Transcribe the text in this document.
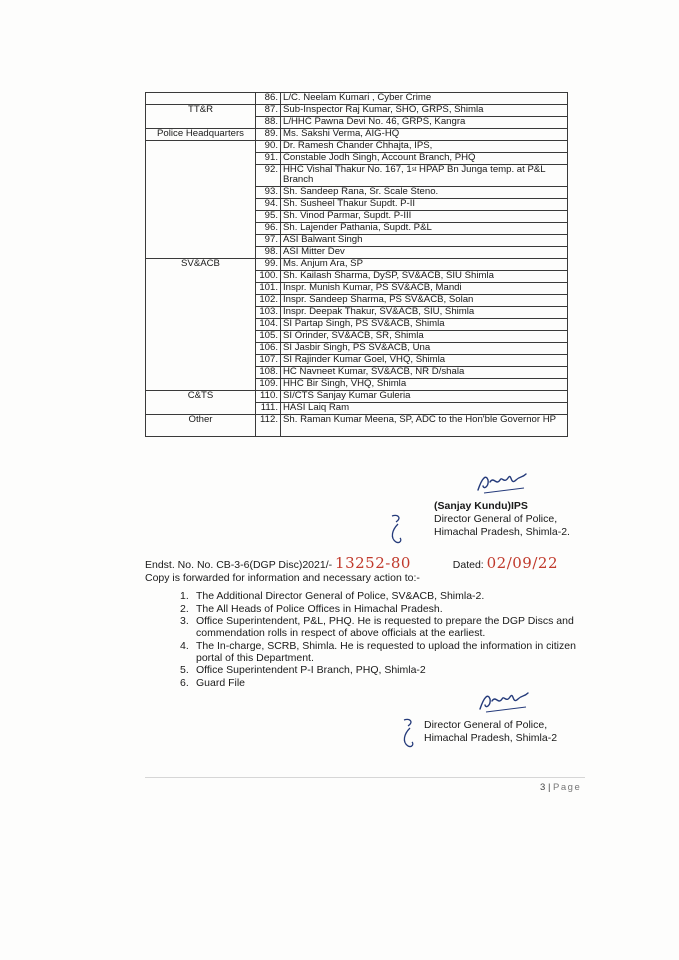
	86.	L/C. Neelam Kumari , Cyber Crime
TT&R	87.	Sub-Inspector Raj Kumar, SHO, GRPS, Shimla
	88.	L/HHC Pawna Devi No. 46, GRPS, Kangra
Police Headquarters	89.	Ms. Sakshi Verma, AIG-HQ
	90.	Dr. Ramesh Chander Chhajta, IPS,
	91.	Constable Jodh Singh, Account Branch, PHQ
	92.	HHC Vishal Thakur No. 167, 1st HPAP Bn Junga temp. at P&L Branch
	93.	Sh. Sandeep Rana, Sr. Scale Steno.
	94.	Sh. Susheel Thakur Supdt. P-II
	95.	Sh. Vinod Parmar, Supdt. P-III
	96.	Sh. Lajender Pathania, Supdt. P&L
	97.	ASI Balwant Singh
	98.	ASI Mitter Dev
SV&ACB	99.	Ms. Anjum Ara, SP
	100.	Sh. Kailash Sharma, DySP, SV&ACB, SIU Shimla
	101.	Inspr. Munish Kumar, PS SV&ACB, Mandi
	102.	Inspr. Sandeep Sharma, PS SV&ACB, Solan
	103.	Inspr. Deepak Thakur, SV&ACB, SIU, Shimla
	104.	SI Partap Singh, PS SV&ACB, Shimla
	105.	SI Orinder, SV&ACB, SR, Shimla
	106.	SI Jasbir Singh, PS SV&ACB, Una
	107.	SI Rajinder Kumar Goel, VHQ, Shimla
	108.	HC Navneet Kumar, SV&ACB, NR D/shala
	109.	HHC Bir Singh, VHQ, Shimla
C&TS	110.	SI/CTS Sanjay Kumar Guleria
	111.	HASI Laiq Ram
Other	112.	Sh. Raman Kumar Meena, SP, ADC to the Hon'ble Governor HP
(Sanjay Kundu)IPS
Director General of Police,
Himachal Pradesh, Shimla-2.
Endst. No. No. CB-3-6(DGP Disc)2021/- 13252-80	Dated: 02/09/22
Copy is forwarded for information and necessary action to:-
1. The Additional Director General of Police, SV&ACB, Shimla-2.
2. The All Heads of Police Offices in Himachal Pradesh.
3. Office Superintendent, P&L, PHQ. He is requested to prepare the DGP Discs and commendation rolls in respect of above officials at the earliest.
4. The In-charge, SCRB, Shimla. He is requested to upload the information in citizen portal of this Department.
5. Office Superintendent P-I Branch, PHQ, Shimla-2
6. Guard File
Director General of Police,
Himachal Pradesh, Shimla-2
3 | Page
